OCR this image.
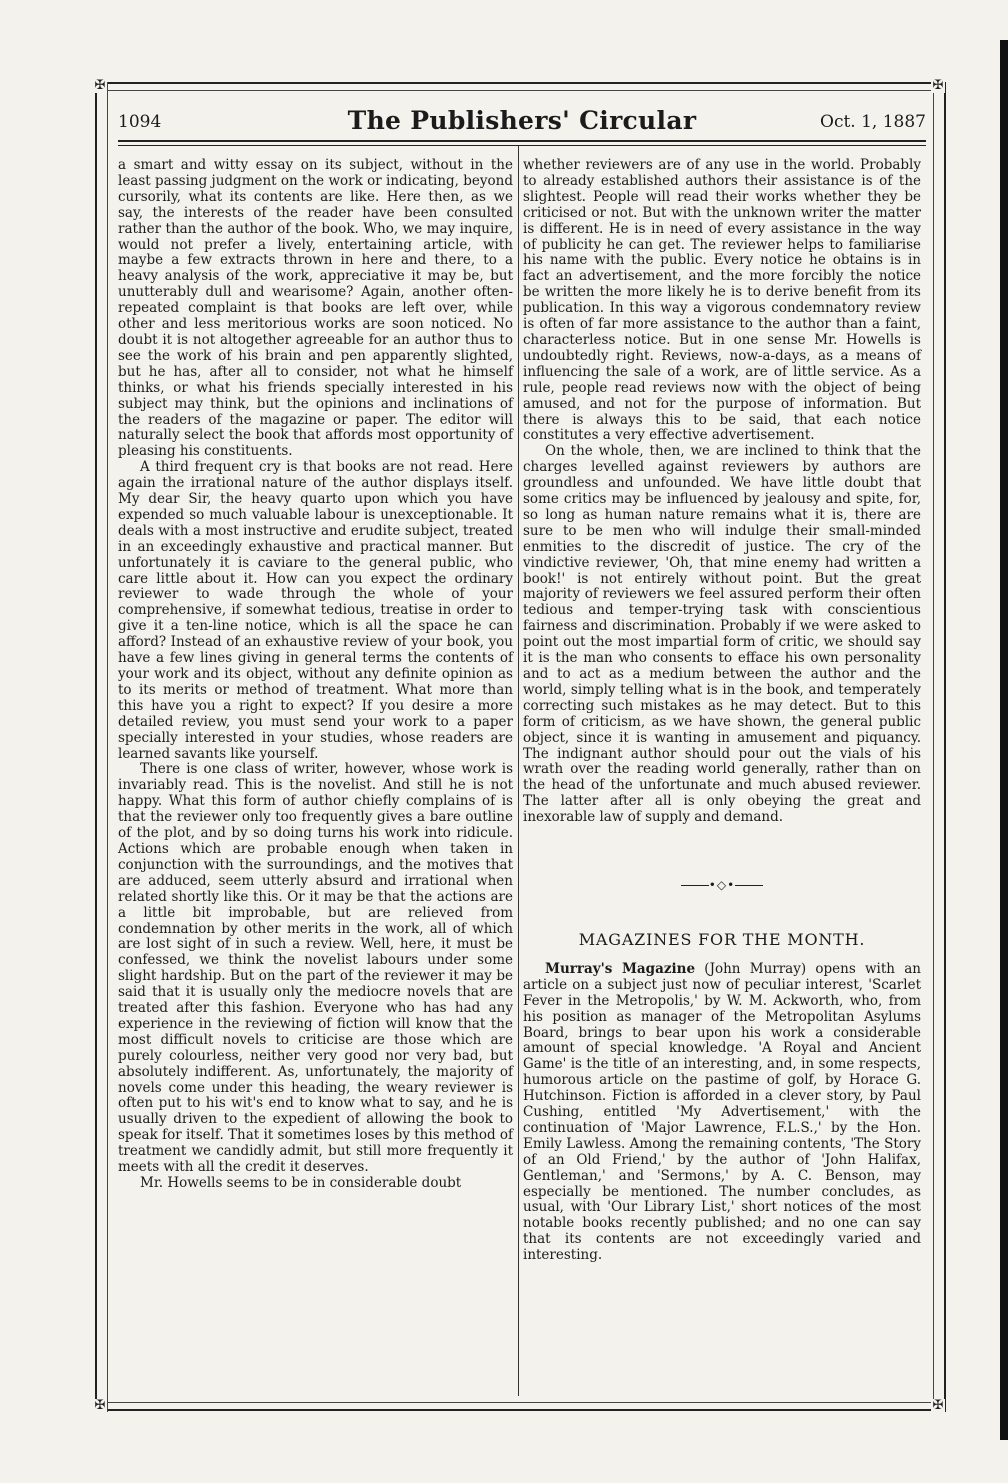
✠	✠
✠	✠
1094	The Publishers' Circular	Oct. 1, 1887

a smart and witty essay on its subject, without in the least passing judgment on the work or indicating, beyond cursorily, what its contents are like. Here then, as we say, the interests of the reader have been consulted rather than the author of the book. Who, we may inquire, would not prefer a lively, entertaining article, with maybe a few extracts thrown in here and there, to a heavy analysis of the work, appreciative it may be, but unutterably dull and wearisome? Again, another often-repeated complaint is that books are left over, while other and less meritorious works are soon noticed. No doubt it is not altogether agreeable for an author thus to see the work of his brain and pen apparently slighted, but he has, after all to consider, not what he himself thinks, or what his friends specially interested in his subject may think, but the opinions and inclinations of the readers of the magazine or paper. The editor will naturally select the book that affords most opportunity of pleasing his constituents.

A third frequent cry is that books are not read. Here again the irrational nature of the author displays itself. My dear Sir, the heavy quarto upon which you have expended so much valuable labour is unexceptionable. It deals with a most instructive and erudite subject, treated in an exceedingly exhaustive and practical manner. But unfortunately it is caviare to the general public, who care little about it. How can you expect the ordinary reviewer to wade through the whole of your comprehensive, if somewhat tedious, treatise in order to give it a ten-line notice, which is all the space he can afford? Instead of an exhaustive review of your book, you have a few lines giving in general terms the contents of your work and its object, without any definite opinion as to its merits or method of treatment. What more than this have you a right to expect? If you desire a more detailed review, you must send your work to a paper specially interested in your studies, whose readers are learned savants like yourself.

There is one class of writer, however, whose work is invariably read. This is the novelist. And still he is not happy. What this form of author chiefly complains of is that the reviewer only too frequently gives a bare outline of the plot, and by so doing turns his work into ridicule. Actions which are probable enough when taken in conjunction with the surroundings, and the motives that are adduced, seem utterly absurd and irrational when related shortly like this. Or it may be that the actions are a little bit improbable, but are relieved from condemnation by other merits in the work, all of which are lost sight of in such a review. Well, here, it must be confessed, we think the novelist labours under some slight hardship. But on the part of the reviewer it may be said that it is usually only the mediocre novels that are treated after this fashion. Everyone who has had any experience in the reviewing of fiction will know that the most difficult novels to criticise are those which are purely colourless, neither very good nor very bad, but absolutely indifferent. As, unfortunately, the majority of novels come under this heading, the weary reviewer is often put to his wit's end to know what to say, and he is usually driven to the expedient of allowing the book to speak for itself. That it sometimes loses by this method of treatment we candidly admit, but still more frequently it meets with all the credit it deserves.

Mr. Howells seems to be in considerable doubt

whether reviewers are of any use in the world. Probably to already established authors their assistance is of the slightest. People will read their works whether they be criticised or not. But with the unknown writer the matter is different. He is in need of every assistance in the way of publicity he can get. The reviewer helps to familiarise his name with the public. Every notice he obtains is in fact an advertisement, and the more forcibly the notice be written the more likely he is to derive benefit from its publication. In this way a vigorous condemnatory review is often of far more assistance to the author than a faint, characterless notice. But in one sense Mr. Howells is undoubtedly right. Reviews, now-a-days, as a means of influencing the sale of a work, are of little service. As a rule, people read reviews now with the object of being amused, and not for the purpose of information. But there is always this to be said, that each notice constitutes a very effective advertisement.

On the whole, then, we are inclined to think that the charges levelled against reviewers by authors are groundless and unfounded. We have little doubt that some critics may be influenced by jealousy and spite, for, so long as human nature remains what it is, there are sure to be men who will indulge their small-minded enmities to the discredit of justice. The cry of the vindictive reviewer, 'Oh, that mine enemy had written a book!' is not entirely without point. But the great majority of reviewers we feel assured perform their often tedious and temper-trying task with conscientious fairness and discrimination. Probably if we were asked to point out the most impartial form of critic, we should say it is the man who consents to efface his own personality and to act as a medium between the author and the world, simply telling what is in the book, and temperately correcting such mistakes as he may detect. But to this form of criticism, as we have shown, the general public object, since it is wanting in amusement and piquancy. The indignant author should pour out the vials of his wrath over the reading world generally, rather than on the head of the unfortunate and much abused reviewer. The latter after all is only obeying the great and inexorable law of supply and demand.

•◇•
MAGAZINES FOR THE MONTH.

Murray's Magazine (John Murray) opens with an article on a subject just now of peculiar interest, 'Scarlet Fever in the Metropolis,' by W. M. Ackworth, who, from his position as manager of the Metropolitan Asylums Board, brings to bear upon his work a considerable amount of special knowledge. 'A Royal and Ancient Game' is the title of an interesting, and, in some respects, humorous article on the pastime of golf, by Horace G. Hutchinson. Fiction is afforded in a clever story, by Paul Cushing, entitled 'My Advertisement,' with the continuation of 'Major Lawrence, F.L.S.,' by the Hon. Emily Lawless. Among the remaining contents, 'The Story of an Old Friend,' by the author of 'John Halifax, Gentleman,' and 'Sermons,' by A. C. Benson, may especially be mentioned. The number concludes, as usual, with 'Our Library List,' short notices of the most notable books recently published; and no one can say that its contents are not exceedingly varied and interesting.
